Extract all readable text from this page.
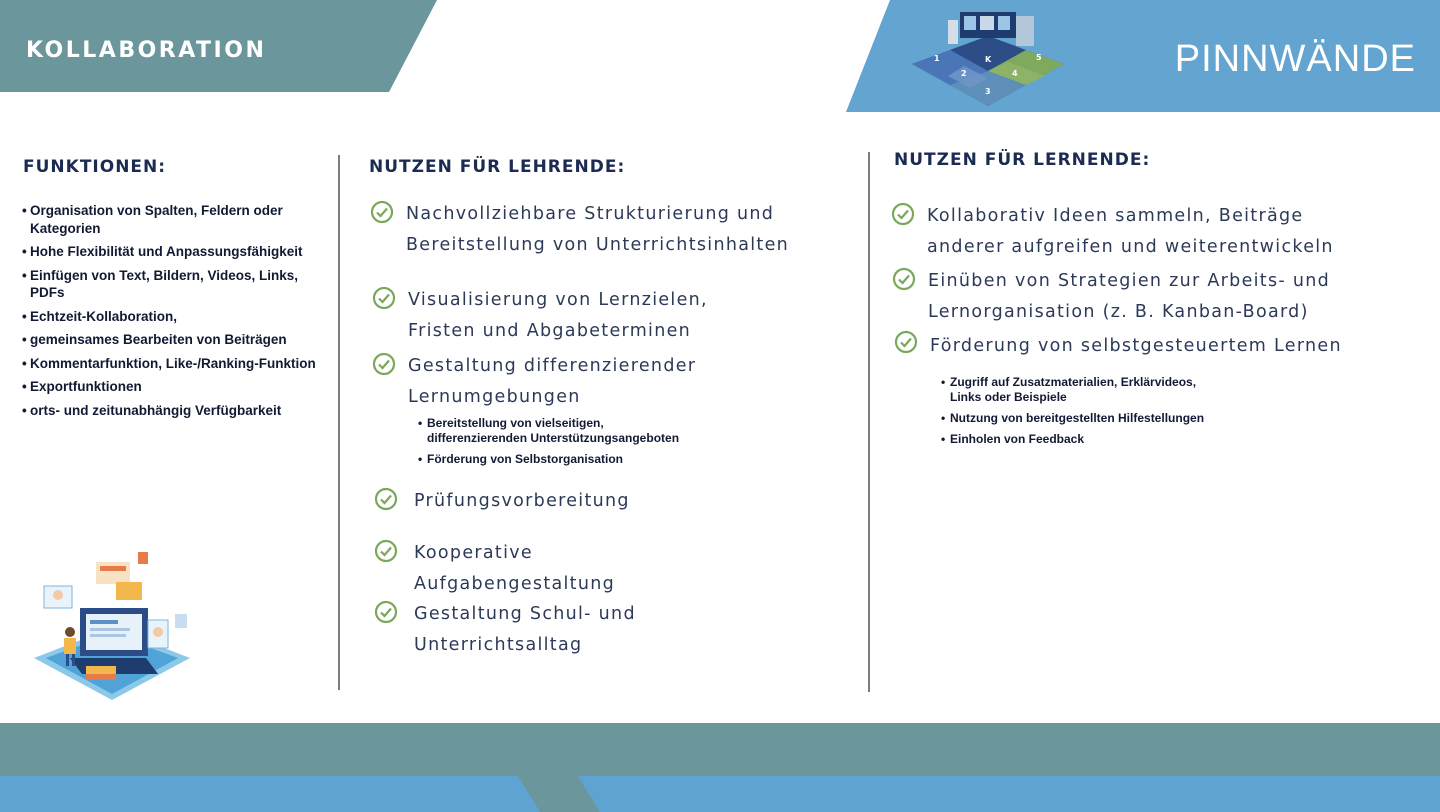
KOLLABORATION	PINNWÄNDE
1
2
3
4
5
K
FUNKTIONEN:
• Organisation von Spalten, Feldern oder Kategorien
• Hohe Flexibilität und Anpassungsfähigkeit
• Einfügen von Text, Bildern, Videos, Links, PDFs
• Echtzeit-Kollaboration,
• gemeinsames Bearbeiten von Beiträgen
• Kommentarfunktion, Like-/Ranking-Funktion
• Exportfunktionen
• orts- und zeitunabhängig Verfügbarkeit
NUTZEN FÜR LEHRENDE:
Nachvollziehbare Strukturierung und
Bereitstellung von Unterrichtsinhalten
Visualisierung von Lernzielen,
Fristen und Abgabeterminen
Gestaltung differenzierender
Lernumgebungen
• Bereitstellung von vielseitigen,
differenzierenden Unterstützungsangeboten
• Förderung von Selbstorganisation
Prüfungsvorbereitung
Kooperative
Aufgabengestaltung
Gestaltung Schul- und
Unterrichtsalltag
NUTZEN FÜR LERNENDE:
Kollaborativ Ideen sammeln, Beiträge
anderer aufgreifen und weiterentwickeln
Einüben von Strategien zur Arbeits- und
Lernorganisation (z. B. Kanban-Board)
Förderung von selbstgesteuertem Lernen
• Zugriff auf Zusatzmaterialien, Erklärvideos,
Links oder Beispiele
• Nutzung von bereitgestellten Hilfestellungen
• Einholen von Feedback
